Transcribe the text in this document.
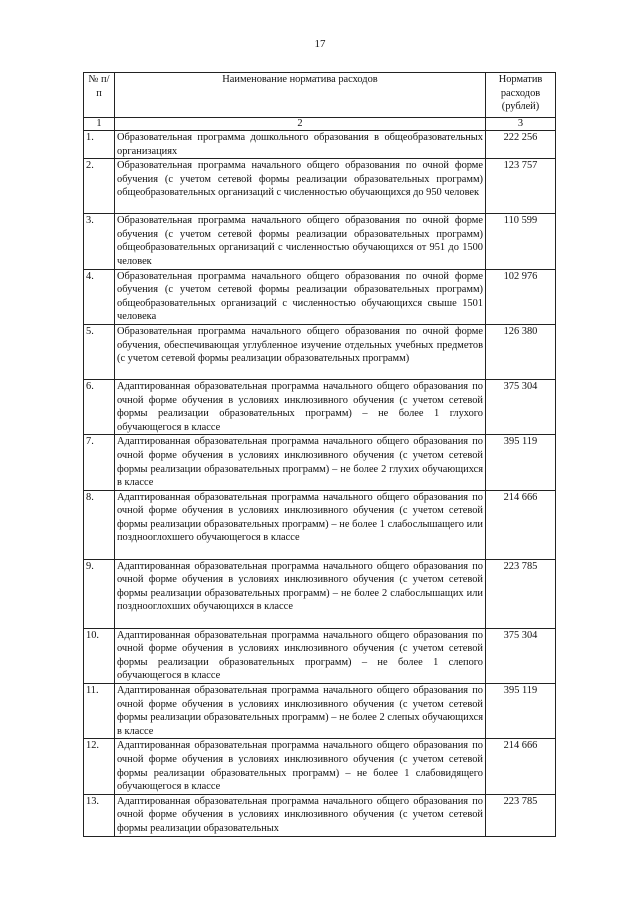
17
№ п/п	Наименование норматива расходов	Норматив расходов (рублей)
1	2	3
1.	Образовательная программа дошкольного образования в общеобразовательных организациях	222 256
2.	Образовательная программа начального общего образования по очной форме обучения (с учетом сетевой формы реализации образовательных программ) общеобразовательных организаций с численностью обучающихся до 950 человек	123 757
3.	Образовательная программа начального общего образования по очной форме обучения (с учетом сетевой формы реализации образовательных программ) общеобразовательных организаций с численностью обучающихся от 951 до 1500 человек	110 599
4.	Образовательная программа начального общего образования по очной форме обучения (с учетом сетевой формы реализации образовательных программ) общеобразовательных организаций с численностью обучающихся свыше 1501 человека	102 976
5.	Образовательная программа начального общего образования по очной форме обучения, обеспечивающая углубленное изучение отдельных учебных предметов (с учетом сетевой формы реализации образовательных программ)	126 380
6.	Адаптированная образовательная программа начального общего образования по очной форме обучения в условиях инклюзивного обучения (с учетом сетевой формы реализации образовательных программ) – не более 1 глухого обучающегося в классе	375 304
7.	Адаптированная образовательная программа начального общего образования по очной форме обучения в условиях инклюзивного обучения (с учетом сетевой формы реализации образовательных программ) – не более 2 глухих обучающихся в классе	395 119
8.	Адаптированная образовательная программа начального общего образования по очной форме обучения в условиях инклюзивного обучения (с учетом сетевой формы реализации образовательных программ) – не более 1 слабослышащего или позднооглохшего обучающегося в классе	214 666
9.	Адаптированная образовательная программа начального общего образования по очной форме обучения в условиях инклюзивного обучения (с учетом сетевой формы реализации образовательных программ) – не более 2 слабослышащих или позднооглохших обучающихся в классе	223 785
10.	Адаптированная образовательная программа начального общего образования по очной форме обучения в условиях инклюзивного обучения (с учетом сетевой формы реализации образовательных программ) – не более 1 слепого обучающегося в классе	375 304
11.	Адаптированная образовательная программа начального общего образования по очной форме обучения в условиях инклюзивного обучения (с учетом сетевой формы реализации образовательных программ) – не более 2 слепых обучающихся в классе	395 119
12.	Адаптированная образовательная программа начального общего образования по очной форме обучения в условиях инклюзивного обучения (с учетом сетевой формы реализации образовательных программ) – не более 1 слабовидящего обучающегося в классе	214 666
13.	Адаптированная образовательная программа начального общего образования по очной форме обучения в условиях инклюзивного обучения (с учетом сетевой формы реализации образовательных	223 785
